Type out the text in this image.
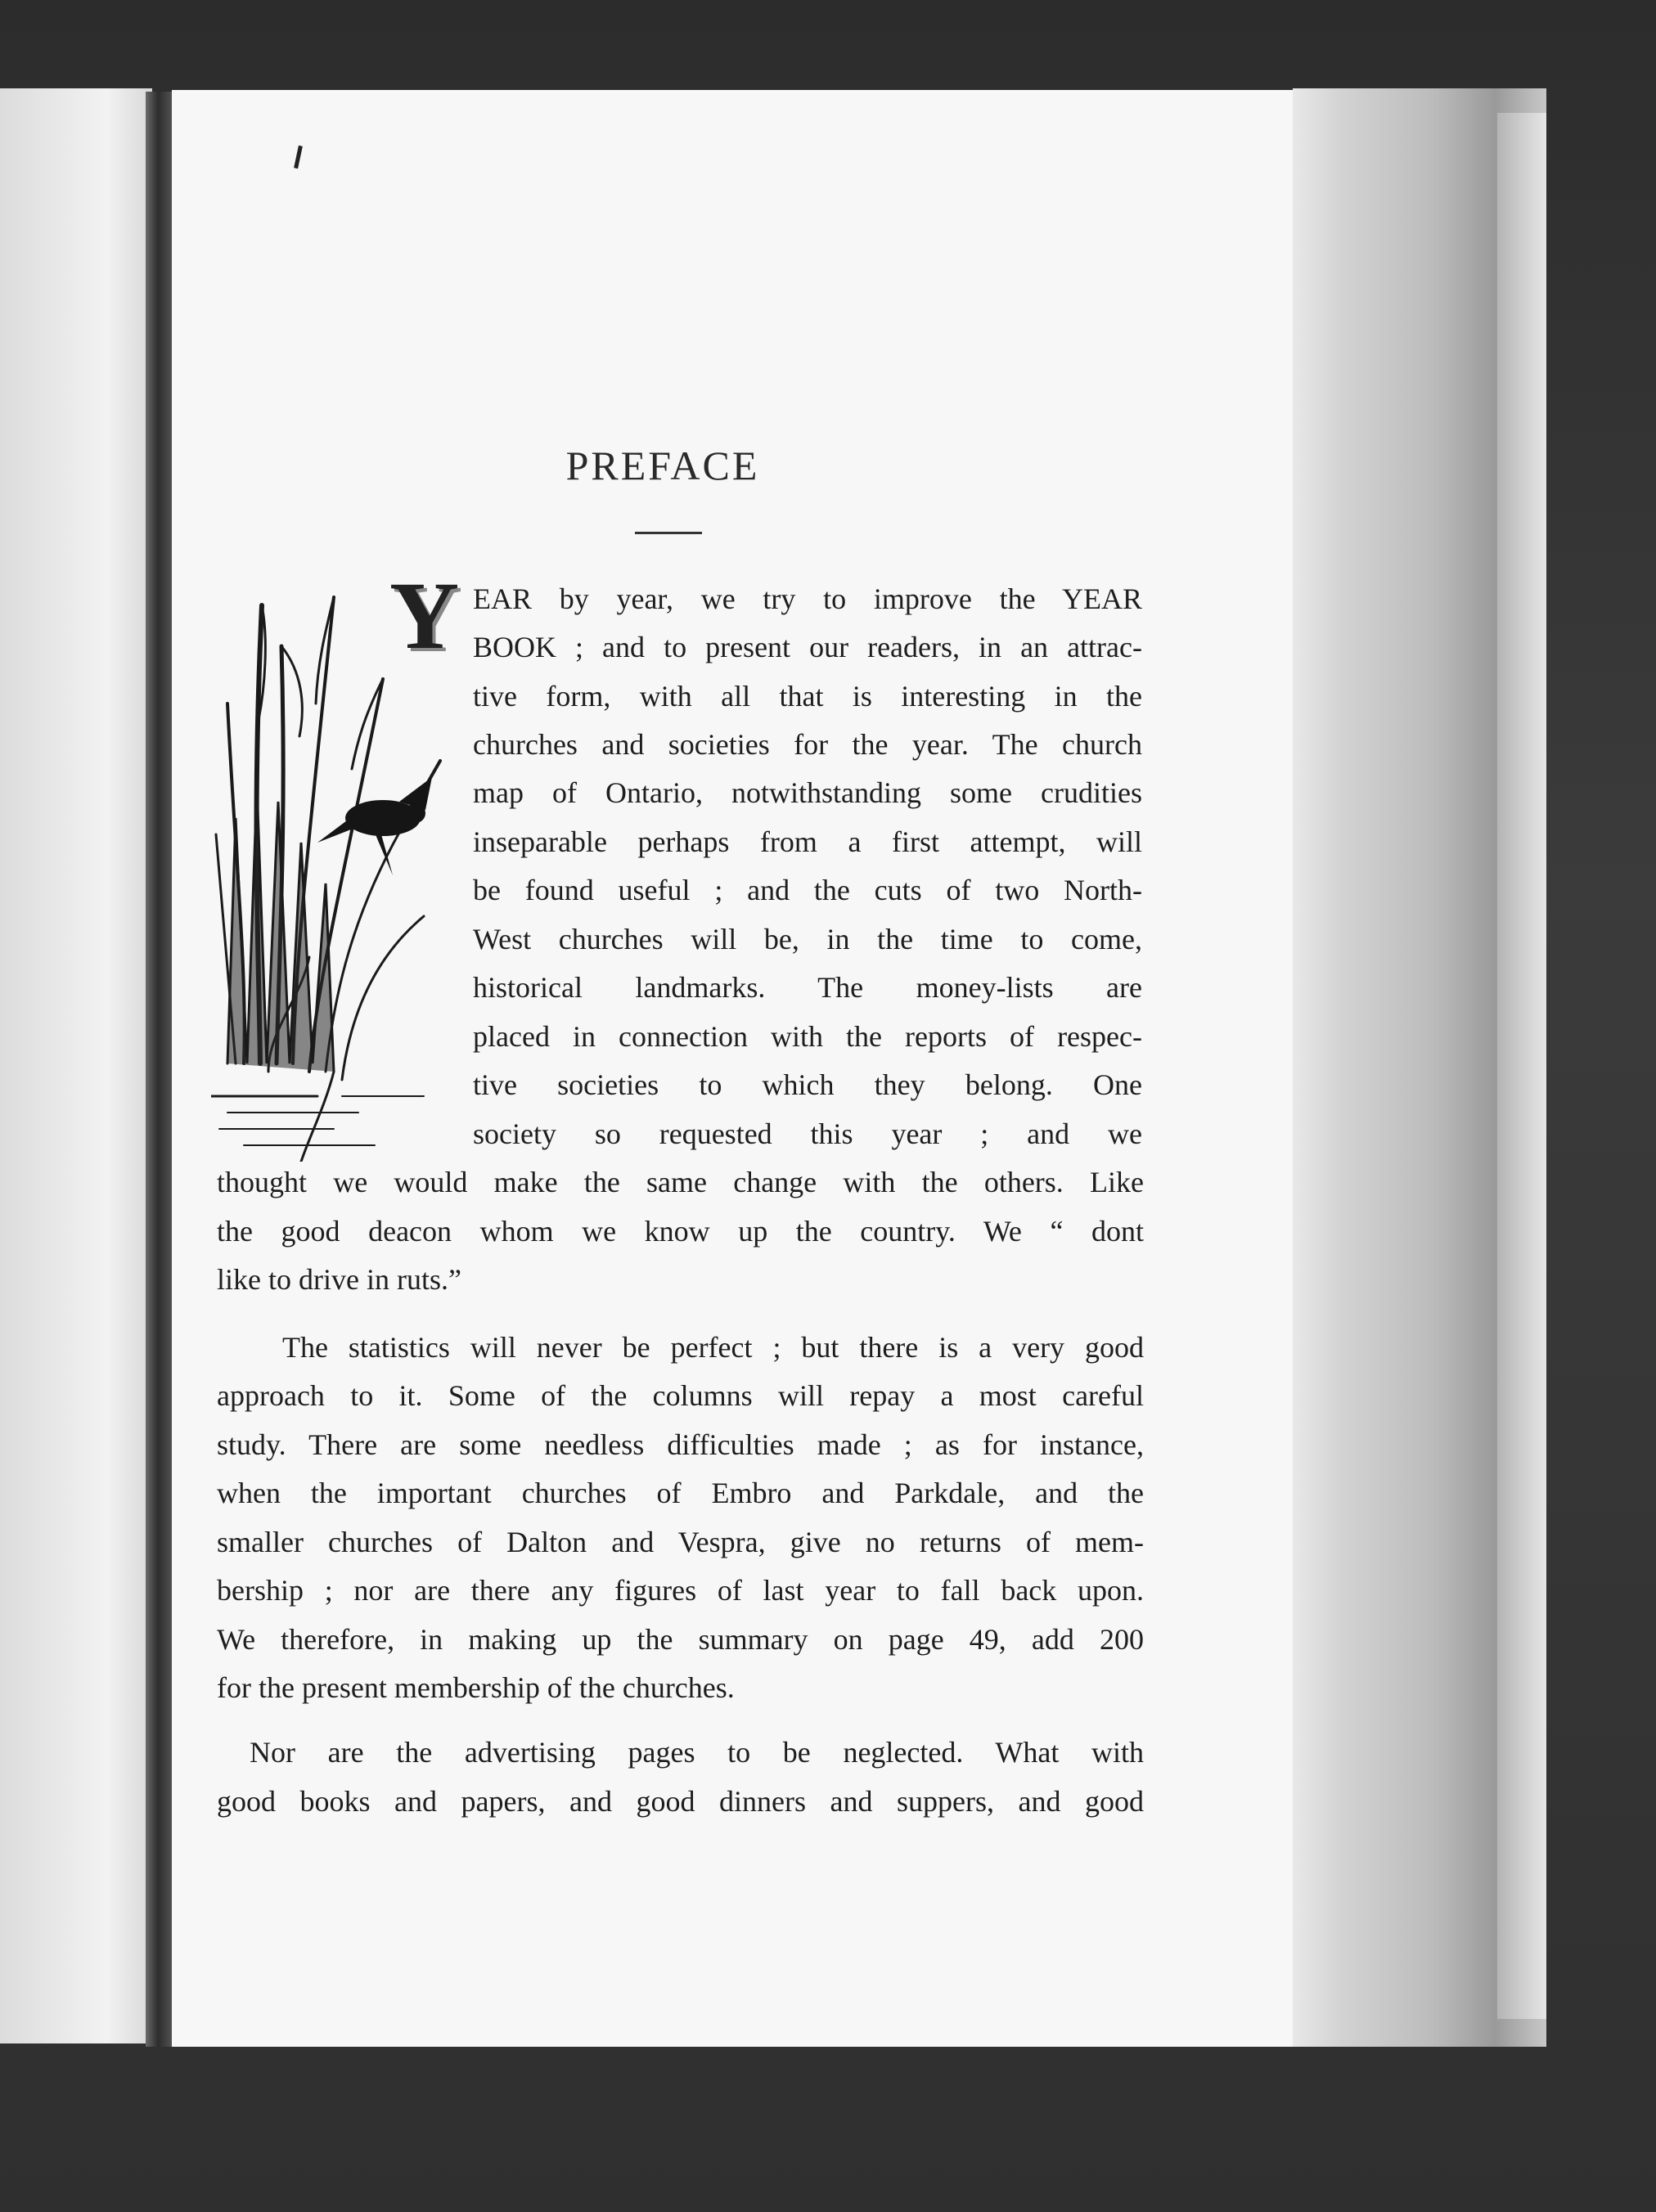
PREFACE
Y EAR by year, we try to improve the YEAR
BOOK ; and to present our readers, in an attrac-
tive form, with all that is interesting in the
churches and societies for the year. The church
map of Ontario, notwithstanding some crudities
inseparable perhaps from a first attempt, will
be found useful ; and the cuts of two North-
West churches will be, in the time to come,
historical landmarks. The money-lists are
placed in connection with the reports of respec-
tive societies to which they belong. One
society so requested this year ; and we
thought we would make the same change with the others. Like
the good deacon whom we know up the country. We “ dont
like to drive in ruts.”
The statistics will never be perfect ; but there is a very good
approach to it. Some of the columns will repay a most careful
study. There are some needless difficulties made ; as for instance,
when the important churches of Embro and Parkdale, and the
smaller churches of Dalton and Vespra, give no returns of mem-
bership ; nor are there any figures of last year to fall back upon.
We therefore, in making up the summary on page 49, add 200
for the present membership of the churches.
Nor are the advertising pages to be neglected. What with
good books and papers, and good dinners and suppers, and good
